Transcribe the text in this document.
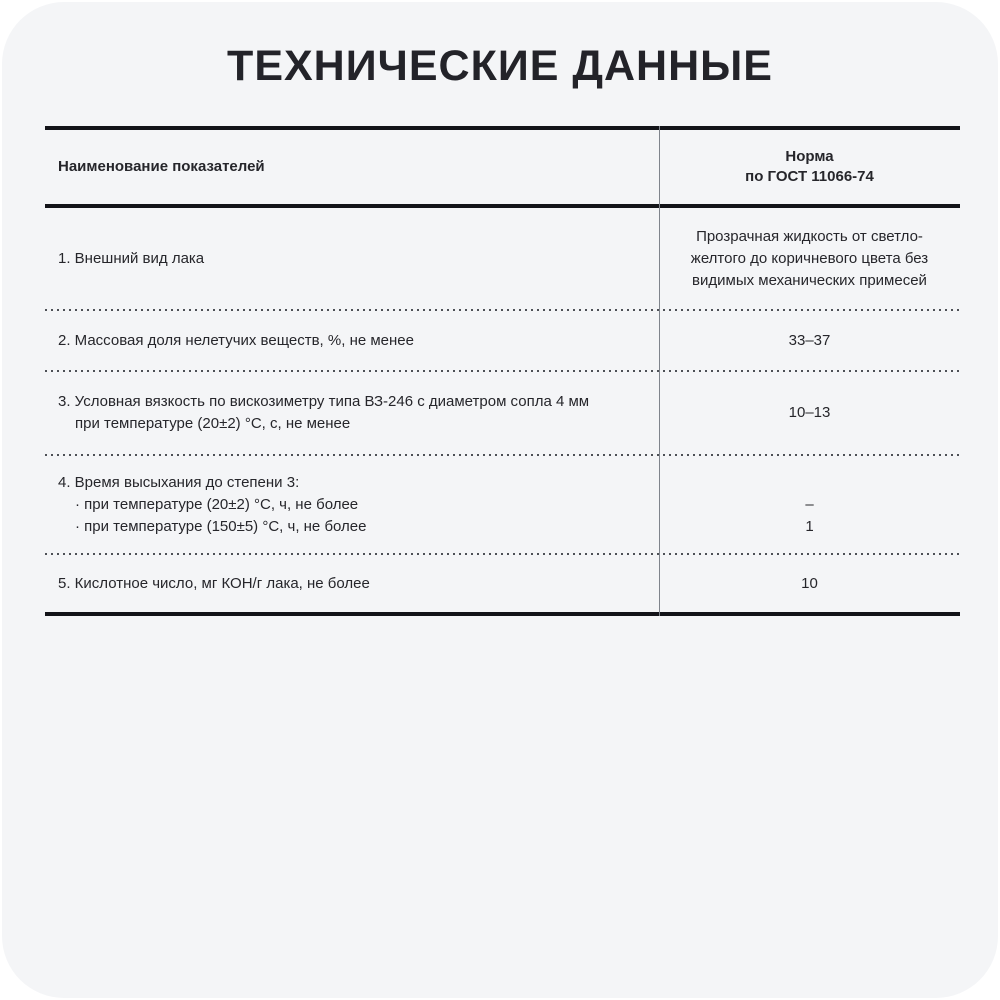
ТЕХНИЧЕСКИЕ ДАННЫЕ
Наименование показателей
Норма
по ГОСТ 11066-74
1. Внешний вид лака
Прозрачная жидкость от светло-
желтого до коричневого цвета без
видимых механических примесей
2. Массовая доля нелетучих веществ, %, не менее	33–37
3. Условная вязкость по вискозиметру типа ВЗ-246 с диаметром сопла 4 мм
при температуре (20±2) °С, с, не менее
10–13
4. Время высыхания до степени 3:
· при температуре (20±2) °С, ч, не более
· при температуре (150±5) °С, ч, не более
–
1
5. Кислотное число, мг КОН/г лака, не более	10
